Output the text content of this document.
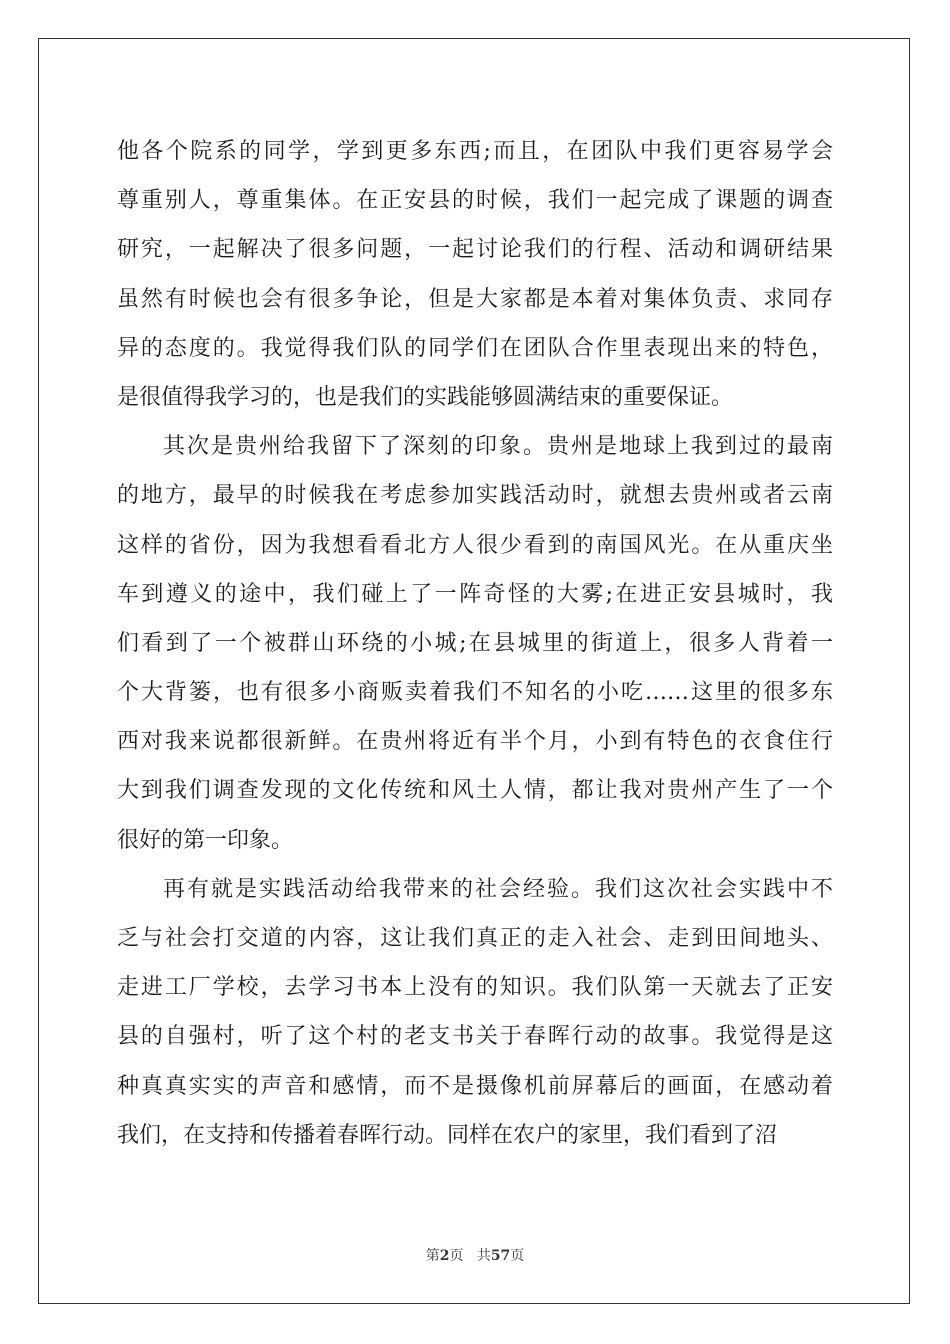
他各个院系的同学，学到更多东西;而且，在团队中我们更容易学会
尊重别人，尊重集体。在正安县的时候，我们一起完成了课题的调查
研究，一起解决了很多问题，一起讨论我们的行程、活动和调研结果
虽然有时候也会有很多争论，但是大家都是本着对集体负责、求同存
异的态度的。我觉得我们队的同学们在团队合作里表现出来的特色，
是很值得我学习的，也是我们的实践能够圆满结束的重要保证。
其次是贵州给我留下了深刻的印象。贵州是地球上我到过的最南
的地方，最早的时候我在考虑参加实践活动时，就想去贵州或者云南
这样的省份，因为我想看看北方人很少看到的南国风光。在从重庆坐
车到遵义的途中，我们碰上了一阵奇怪的大雾;在进正安县城时，我
们看到了一个被群山环绕的小城;在县城里的街道上，很多人背着一
个大背篓，也有很多小商贩卖着我们不知名的小吃……这里的很多东
西对我来说都很新鲜。在贵州将近有半个月，小到有特色的衣食住行
大到我们调查发现的文化传统和风土人情，都让我对贵州产生了一个
很好的第一印象。
再有就是实践活动给我带来的社会经验。我们这次社会实践中不
乏与社会打交道的内容，这让我们真正的走入社会、走到田间地头、
走进工厂学校，去学习书本上没有的知识。我们队第一天就去了正安
县的自强村，听了这个村的老支书关于春晖行动的故事。我觉得是这
种真真实实的声音和感情，而不是摄像机前屏幕后的画面，在感动着
我们，在支持和传播着春晖行动。同样在农户的家里，我们看到了沼
第2页 共57页
